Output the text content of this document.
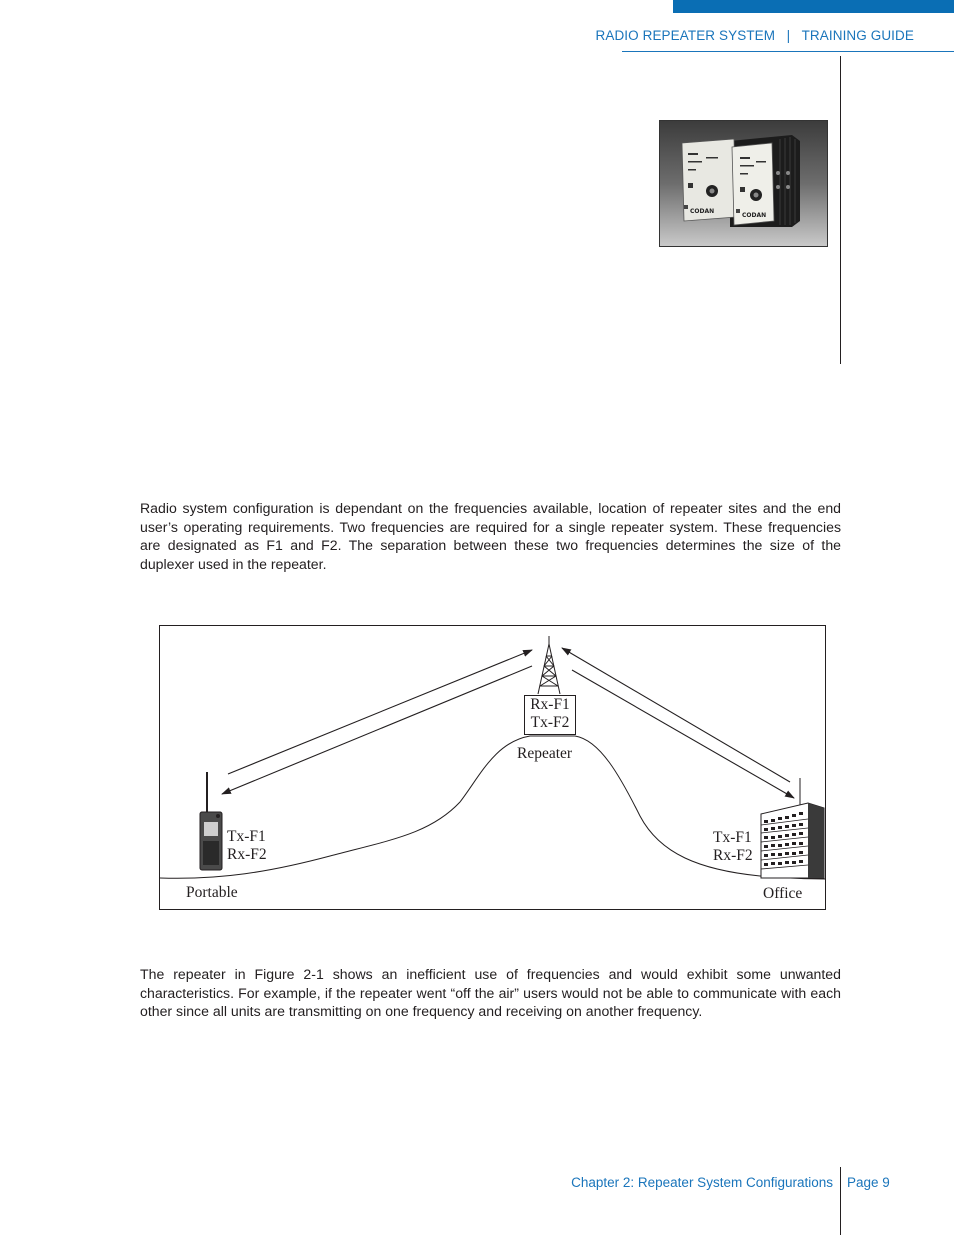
RADIO REPEATER SYSTEM   |   TRAINING GUIDE
CODAN
CODAN

Radio system configuration is dependant on the frequencies available, location of repeater sites and the end user’s operating requirements. Two frequencies are required for a single repeater system. These frequencies are designated as F1 and F2. The separation between these two frequencies determines the size of the duplexer used in the repeater.

Rx-F1
Tx-F2
Repeater
Tx-F1
Rx-F2
Portable
Tx-F1
Rx-F2
Office

The repeater in Figure 2-1 shows an inefficient use of frequencies and would exhibit some unwanted characteristics. For example, if the repeater went “off the air” users would not be able to communicate with each other since all units are transmitting on one frequency and receiving on another frequency.

Chapter 2: Repeater System Configurations Page 9
